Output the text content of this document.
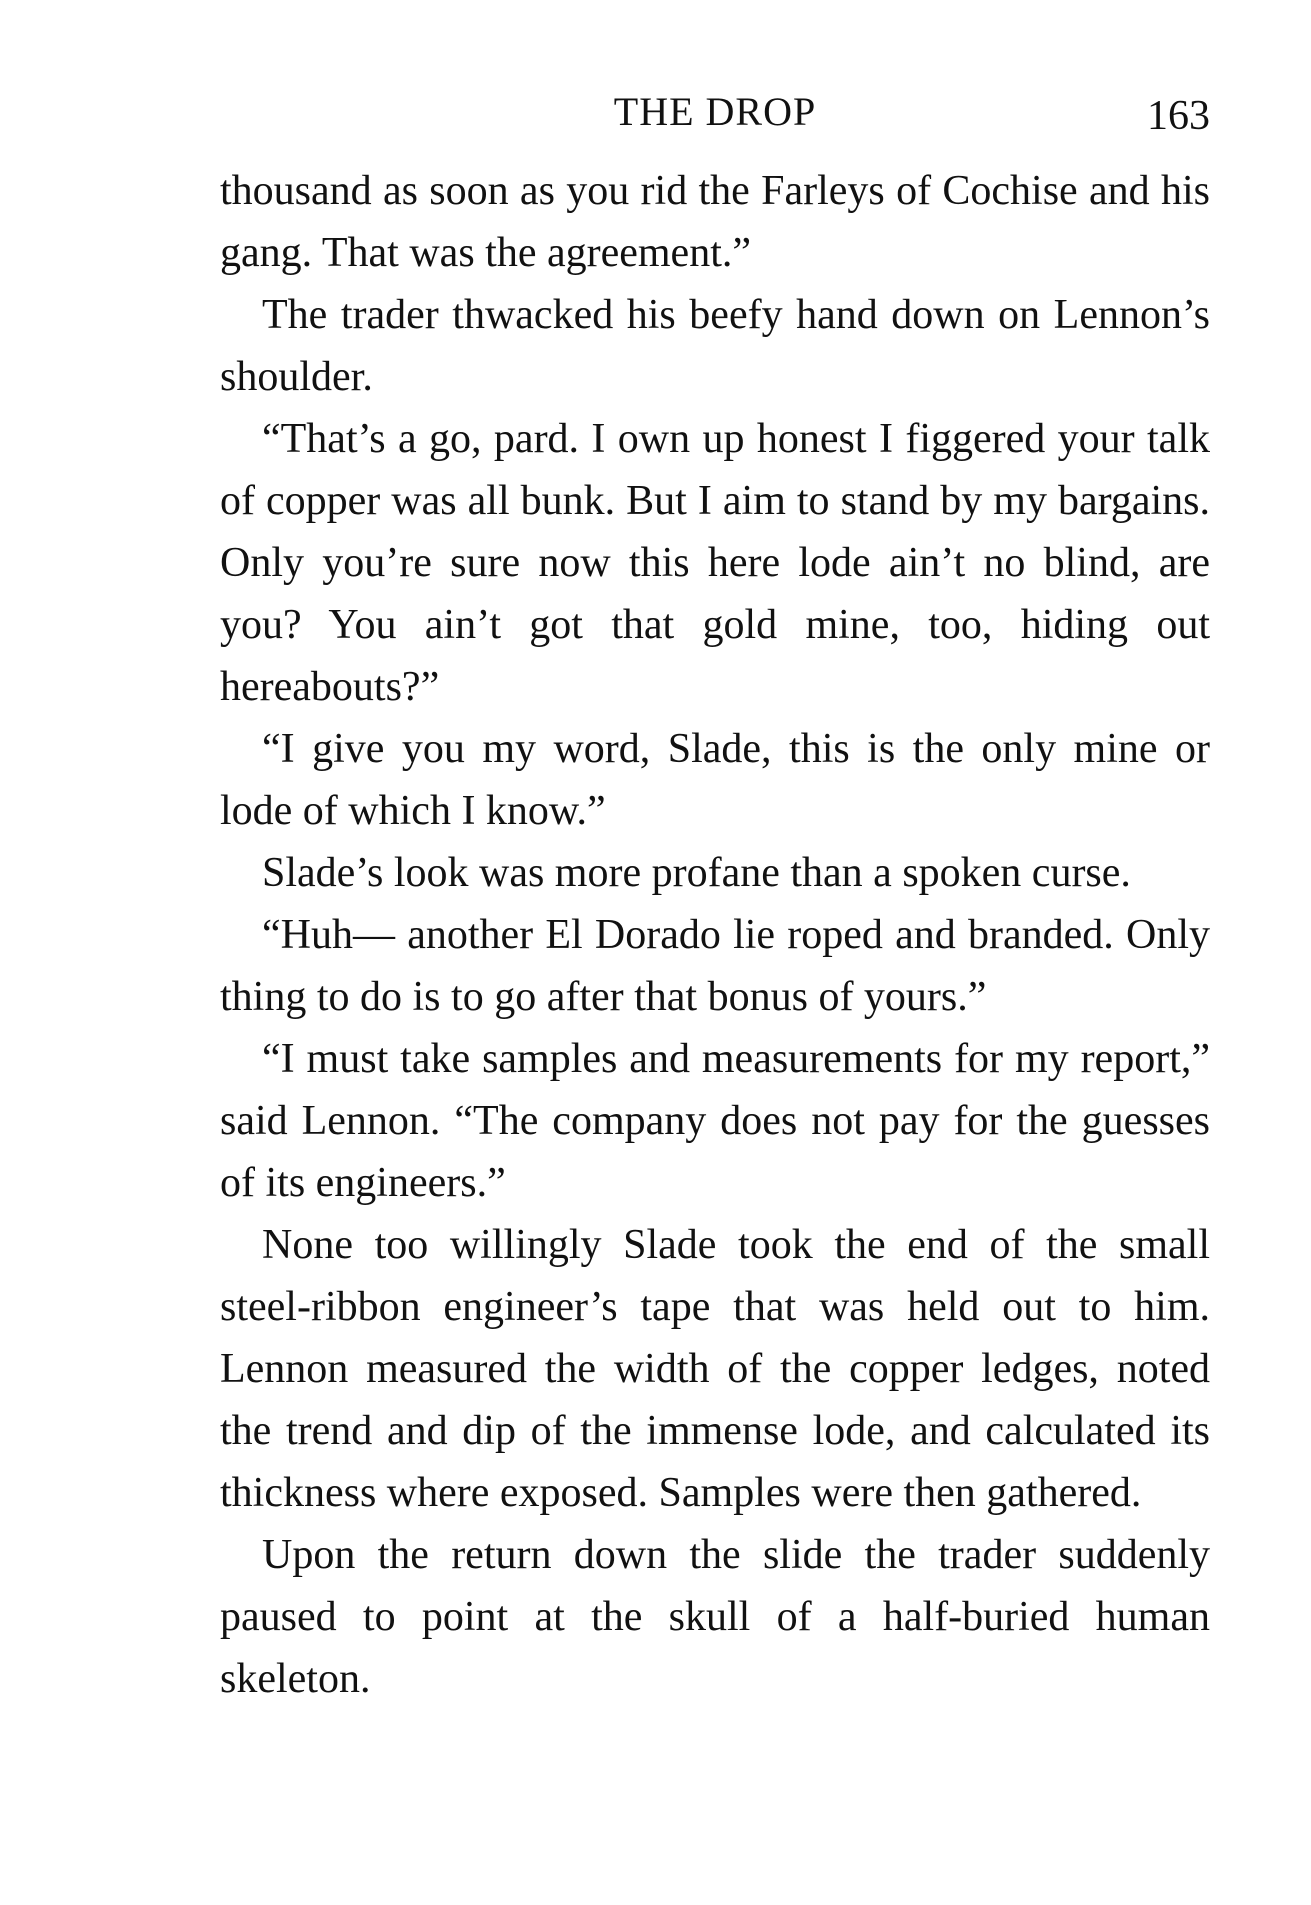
THE DROP	163

thousand as soon as you rid the Farleys of Cochise and his gang. That was the agreement.”

The trader thwacked his beefy hand down on Lennon’s shoulder.

“That’s a go, pard. I own up honest I figgered your talk of copper was all bunk. But I aim to stand by my bargains. Only you’re sure now this here lode ain’t no blind, are you? You ain’t got that gold mine, too, hiding out hereabouts?”

“I give you my word, Slade, this is the only mine or lode of which I know.”

Slade’s look was more profane than a spoken curse.

“Huh— another El Dorado lie roped and branded. Only thing to do is to go after that bonus of yours.”

“I must take samples and measurements for my report,” said Lennon. “The company does not pay for the guesses of its engineers.”

None too willingly Slade took the end of the small steel-ribbon engineer’s tape that was held out to him. Lennon measured the width of the copper ledges, noted the trend and dip of the immense lode, and calculated its thickness where exposed. Samples were then gathered.

Upon the return down the slide the trader suddenly paused to point at the skull of a half-buried human skeleton.
